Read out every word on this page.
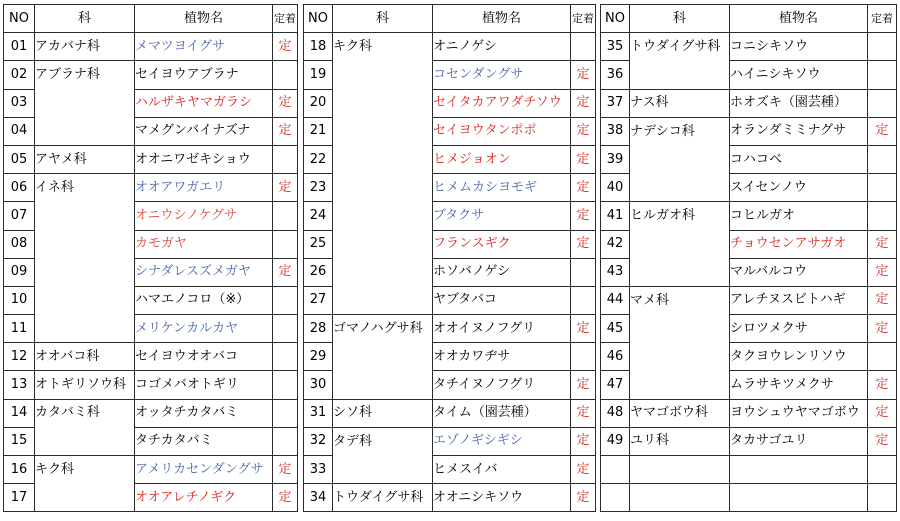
NO	科	植物名	定着
01	アカバナ科	メマツヨイグサ	定
02	アブラナ科	セイヨウアブラナ	
03		ハルザキヤマガラシ	定
04		マメグンバイナズナ	定
05	アヤメ科	オオニワゼキショウ	
06	イネ科	オオアワガエリ	定
07		オニウシノケグサ	
08		カモガヤ	
09		シナダレスズメガヤ	定
10		ハマエノコロ（※）	
11		メリケンカルカヤ	
12	オオバコ科	セイヨウオオバコ	
13	オトギリソウ科	コゴメバオトギリ	
14	カタバミ科	オッタチカタバミ	
15		タチカタバミ	
16	キク科	アメリカセンダングサ	定
17		オオアレチノギク	定
NO	科	植物名	定着
18	キク科	オニノゲシ	
19		コセンダングサ	定
20		セイタカアワダチソウ	定
21		セイヨウタンポポ	定
22		ヒメジョオン	定
23		ヒメムカシヨモギ	定
24		ブタクサ	定
25		フランスギク	定
26		ホソバノゲシ	
27		ヤブタバコ	
28	ゴマノハグサ科	オオイヌノフグリ	定
29		オオカワヂサ	
30		タチイヌノフグリ	定
31	シソ科	タイム（園芸種）	定
32	タデ科	エゾノギシギシ	定
33		ヒメスイバ	定
34	トウダイグサ科	オオニシキソウ	定
NO	科	植物名	定着
35	トウダイグサ科	コニシキソウ	
36		ハイニシキソウ	
37	ナス科	ホオズキ（園芸種）	
38	ナデシコ科	オランダミミナグサ	定
39		コハコベ	
40		スイセンノウ	
41	ヒルガオ科	コヒルガオ	
42		チョウセンアサガオ	定
43		マルバルコウ	定
44	マメ科	アレチヌスビトハギ	定
45		シロツメクサ	定
46		タクヨウレンリソウ	
47		ムラサキツメクサ	定
48	ヤマゴボウ科	ヨウシュウヤマゴボウ	定
49	ユリ科	タカサゴユリ	定
